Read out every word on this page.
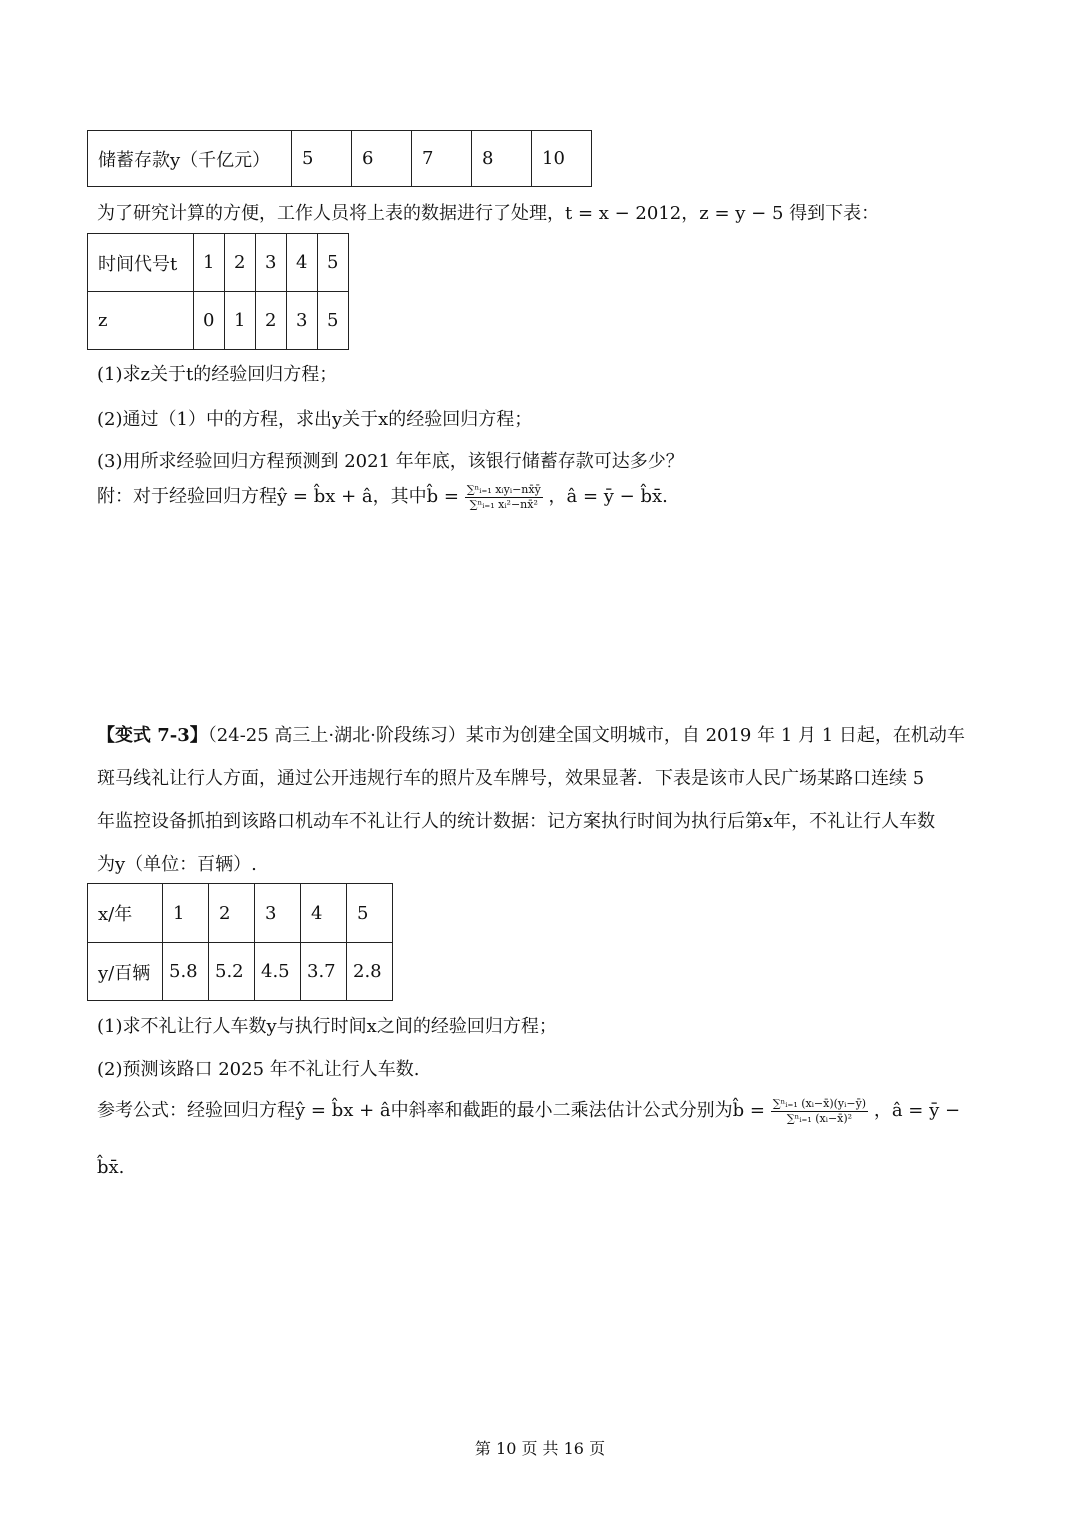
储蓄存款y（千亿元）	5	6	7	8	10
为了研究计算的方便，工作人员将上表的数据进行了处理，t = x − 2012，z = y − 5 得到下表：
时间代号t	1	2	3	4	5
z	0	1	2	3	5
(1)求z关于t的经验回归方程；
(2)通过（1）中的方程，求出y关于x的经验回归方程；
(3)用所求经验回归方程预测到 2021 年年底，该银行储蓄存款可达多少？
附：对于经验回归方程ŷ = b̂x + â，其中b̂ = $\frac{\text{∑ⁿᵢ₌₁ xᵢyᵢ−nx̄ȳ}}{\text{∑ⁿᵢ₌₁ xᵢ²−nx̄²}}$ ，â = ȳ − b̂x̄.
【变式 7-3】（24-25 高三上·湖北·阶段练习）某市为创建全国文明城市，自 2019 年 1 月 1 日起，在机动车
斑马线礼让行人方面，通过公开违规行车的照片及车牌号，效果显著．下表是该市人民广场某路口连续 5
年监控设备抓拍到该路口机动车不礼让行人的统计数据：记方案执行时间为执行后第x年，不礼让行人车数
为y（单位：百辆）.
x/年	1	2	3	4	5
y/百辆	5.8	5.2	4.5	3.7	2.8
(1)求不礼让行人车数y与执行时间x之间的经验回归方程；
(2)预测该路口 2025 年不礼让行人车数.
参考公式：经验回归方程ŷ = b̂x + â中斜率和截距的最小二乘法估计公式分别为b̂ = $\frac{\text{∑ⁿᵢ₌₁ (xᵢ−x̄)(yᵢ−ȳ)}}{\text{∑ⁿᵢ₌₁ (xᵢ−x̄)²}}$ ，â = ȳ −
b̂x̄.
第 10 页 共 16 页
